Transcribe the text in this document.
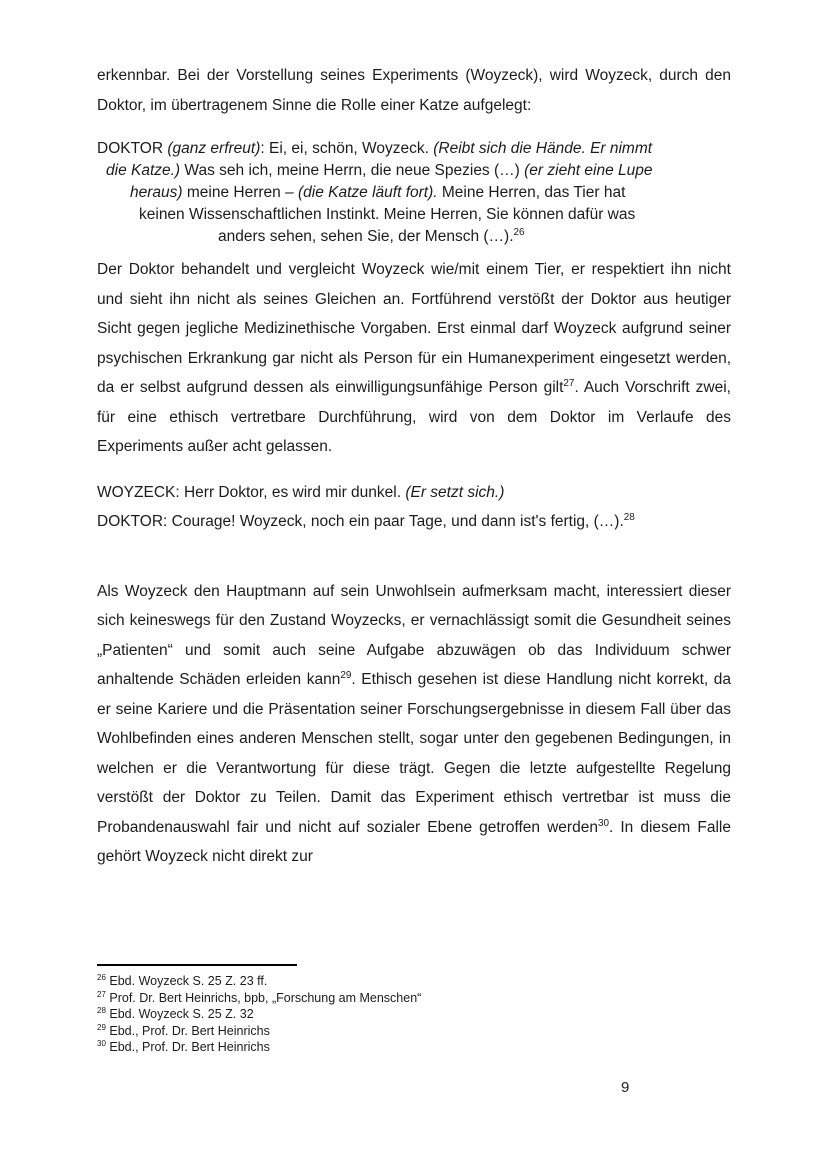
erkennbar. Bei der Vorstellung seines Experiments (Woyzeck), wird Woyzeck, durch den Doktor, im übertragenem Sinne die Rolle einer Katze aufgelegt:

DOKTOR (ganz erfreut): Ei, ei, schön, Woyzeck. (Reibt sich die Hände. Er nimmt
die Katze.) Was seh ich, meine Herrn, die neue Spezies (…) (er zieht eine Lupe
heraus) meine Herren – (die Katze läuft fort). Meine Herren, das Tier hat
keinen Wissenschaftlichen Instinkt. Meine Herren, Sie können dafür was
anders sehen, sehen Sie, der Mensch (…).$^{26}$

Der Doktor behandelt und vergleicht Woyzeck wie/mit einem Tier, er respektiert ihn nicht und sieht ihn nicht als seines Gleichen an. Fortführend verstößt der Doktor aus heutiger Sicht gegen jegliche Medizinethische Vorgaben. Erst einmal darf Woyzeck aufgrund seiner psychischen Erkrankung gar nicht als Person für ein Humanexperiment eingesetzt werden, da er selbst aufgrund dessen als einwilligungsunfähige Person gilt$^{27}$. Auch Vorschrift zwei, für eine ethisch vertretbare Durchführung, wird von dem Doktor im Verlaufe des Experiments außer acht gelassen.

WOYZECK: Herr Doktor, es wird mir dunkel. (Er setzt sich.)
DOKTOR: Courage! Woyzeck, noch ein paar Tage, und dann ist's fertig, (…).$^{28}$

Als Woyzeck den Hauptmann auf sein Unwohlsein aufmerksam macht, interessiert dieser sich keineswegs für den Zustand Woyzecks, er vernachlässigt somit die Gesundheit seines „Patienten“ und somit auch seine Aufgabe abzuwägen ob das Individuum schwer anhaltende Schäden erleiden kann$^{29}$. Ethisch gesehen ist diese Handlung nicht korrekt, da er seine Kariere und die Präsentation seiner Forschungsergebnisse in diesem Fall über das Wohlbefinden eines anderen Menschen stellt, sogar unter den gegebenen Bedingungen, in welchen er die Verantwortung für diese trägt. Gegen die letzte aufgestellte Regelung verstößt der Doktor zu Teilen. Damit das Experiment ethisch vertretbar ist muss die Probandenauswahl fair und nicht auf sozialer Ebene getroffen werden$^{30}$. In diesem Falle gehört Woyzeck nicht direkt zur

$^{26}$ Ebd. Woyzeck S. 25 Z. 23 ff.
$^{27}$ Prof. Dr. Bert Heinrichs, bpb, „Forschung am Menschen“
$^{28}$ Ebd. Woyzeck S. 25 Z. 32
$^{29}$ Ebd., Prof. Dr. Bert Heinrichs
$^{30}$ Ebd., Prof. Dr. Bert Heinrichs
9
